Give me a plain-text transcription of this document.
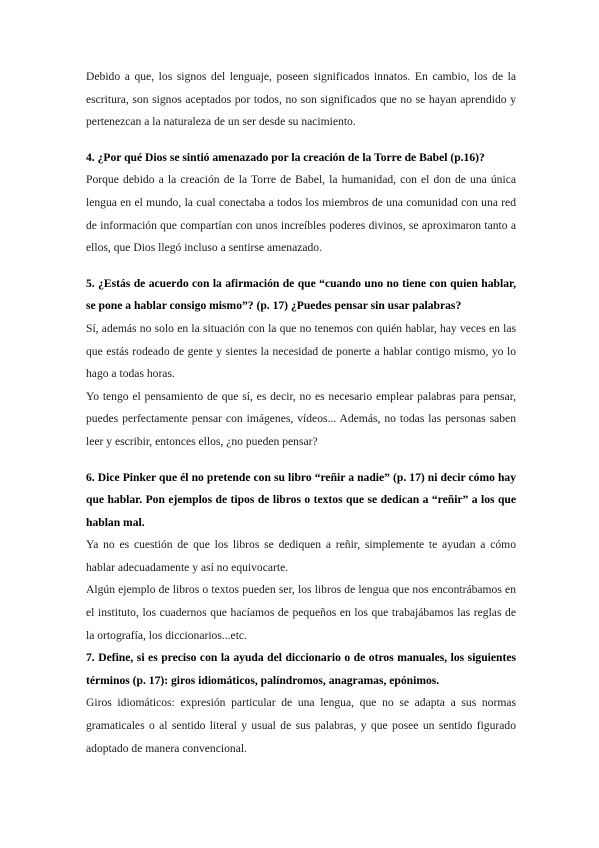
Debido a que, los signos del lenguaje, poseen significados innatos. En cambio, los de la escritura, son signos aceptados por todos, no son significados que no se hayan aprendido y pertenezcan a la naturaleza de un ser desde su nacimiento.

4. ¿Por qué Dios se sintió amenazado por la creación de la Torre de Babel (p.16)?

Porque debido a la creación de la Torre de Babel, la humanidad, con el don de una única lengua en el mundo, la cual conectaba a todos los miembros de una comunidad con una red de información que compartían con unos increíbles poderes divinos, se aproximaron tanto a ellos, que Dios llegó incluso a sentirse amenazado.

5. ¿Estás de acuerdo con la afirmación de que “cuando uno no tiene con quien hablar, se pone a hablar consigo mismo”? (p. 17) ¿Puedes pensar sin usar palabras?

Sí, además no solo en la situación con la que no tenemos con quién hablar, hay veces en las que estás rodeado de gente y sientes la necesidad de ponerte a hablar contigo mismo, yo lo hago a todas horas.

Yo tengo el pensamiento de que sí, es decir, no es necesario emplear palabras para pensar, puedes perfectamente pensar con imágenes, vídeos... Además, no todas las personas saben leer y escribir, entonces ellos, ¿no pueden pensar?

6. Dice Pinker que él no pretende con su libro “reñir a nadie” (p. 17) ni decir cómo hay que hablar. Pon ejemplos de tipos de libros o textos que se dedican a “reñir” a los que hablan mal.

Ya no es cuestión de que los libros se dediquen a reñir, simplemente te ayudan a cómo hablar adecuadamente y así no equivocarte.

Algún ejemplo de libros o textos pueden ser, los libros de lengua que nos encontrábamos en el instituto, los cuadernos que hacíamos de pequeños en los que trabajábamos las reglas de la ortografía, los diccionarios...etc.

7. Define, si es preciso con la ayuda del diccionario o de otros manuales, los siguientes términos (p. 17): giros idiomáticos, palíndromos, anagramas, epónimos.

Giros idiomáticos: expresión particular de una lengua, que no se adapta a sus normas gramaticales o al sentido literal y usual de sus palabras, y que posee un sentido figurado adoptado de manera convencional.
